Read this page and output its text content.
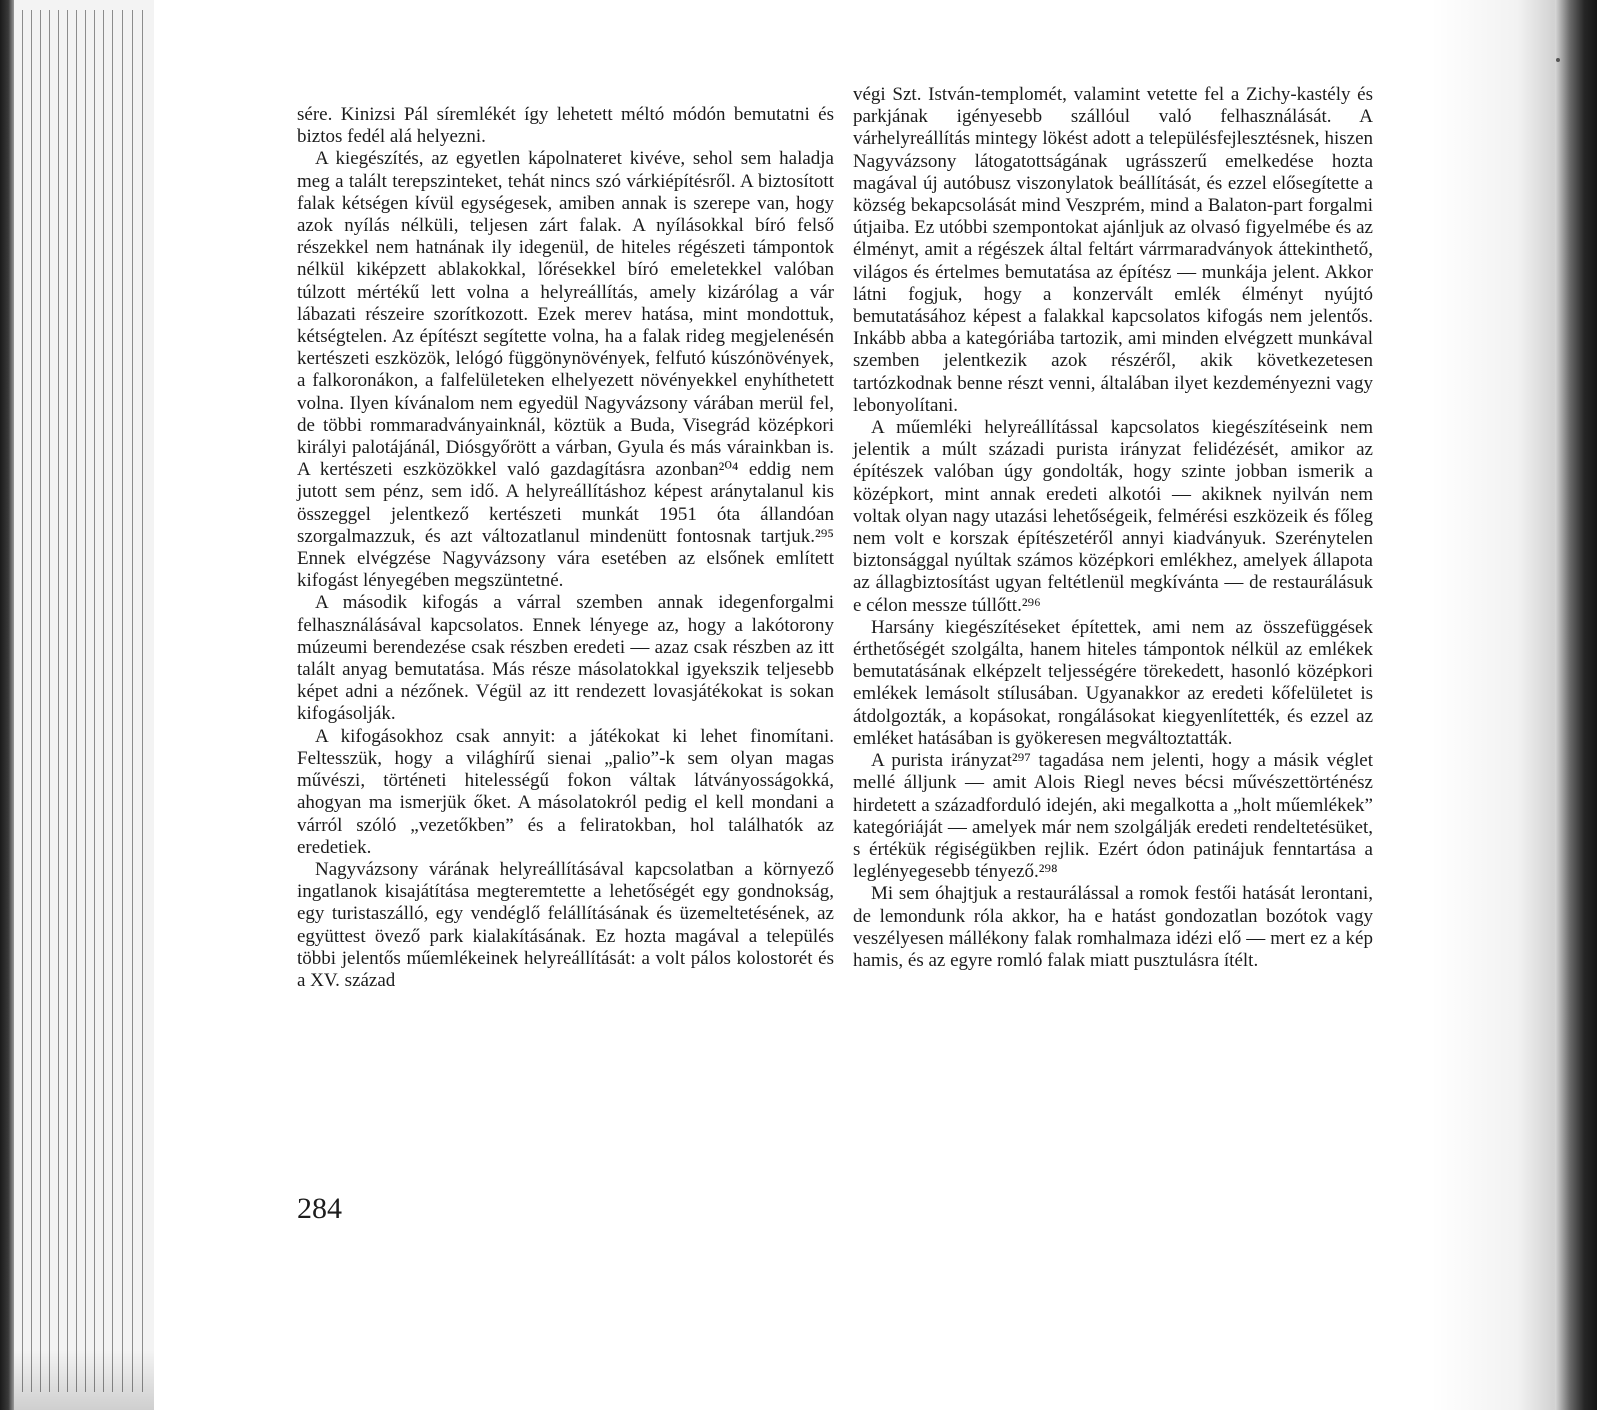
sére. Kinizsi Pál síremlékét így lehetett méltó módón bemutatni és biztos fedél alá helyezni.

A kiegészítés, az egyetlen kápolnateret kivéve, sehol sem haladja meg a talált terepszinteket, tehát nincs szó várkiépítésről. A biztosított falak kétségen kívül egységesek, amiben annak is szerepe van, hogy azok nyílás nélküli, teljesen zárt falak. A nyílásokkal bíró felső részekkel nem hatnának ily idegenül, de hiteles régészeti támpontok nélkül kiképzett ablakokkal, lőrésekkel bíró emeletekkel valóban túlzott mértékű lett volna a helyreállítás, amely kizárólag a vár lábazati részeire szorítkozott. Ezek merev hatása, mint mondottuk, kétségtelen. Az építészt segítette volna, ha a falak rideg megjelenésén kertészeti eszközök, lelógó függönynövények, felfutó kúszónövények, a falkoronákon, a falfelületeken elhelyezett növényekkel enyhíthetett volna. Ilyen kívánalom nem egyedül Nagyvázsony várában merül fel, de többi rommaradványainknál, köztük a Buda, Visegrád középkori királyi palotájánál, Diósgyőrött a várban, Gyula és más várainkban is. A kertészeti eszközökkel való gazdagításra azonban²⁰⁴ eddig nem jutott sem pénz, sem idő. A helyreállításhoz képest aránytalanul kis összeggel jelentkező kertészeti munkát 1951 óta állandóan szorgalmazzuk, és azt változatlanul mindenütt fontosnak tartjuk.²⁹⁵ Ennek elvégzése Nagyvázsony vára esetében az elsőnek említett kifogást lényegében megszüntetné.

A második kifogás a várral szemben annak idegenforgalmi felhasználásával kapcsolatos. Ennek lényege az, hogy a lakótorony múzeumi berendezése csak részben eredeti — azaz csak részben az itt talált anyag bemutatása. Más része másolatokkal igyekszik teljesebb képet adni a nézőnek. Végül az itt rendezett lovasjátékokat is sokan kifogásolják.

A kifogásokhoz csak annyit: a játékokat ki lehet finomítani. Feltesszük, hogy a világhírű sienai „palio”-k sem olyan magas művészi, történeti hitelességű fokon váltak látványosságokká, ahogyan ma ismerjük őket. A másolatokról pedig el kell mondani a várról szóló „vezetőkben” és a feliratokban, hol találhatók az eredetiek.

Nagyvázsony várának helyreállításával kapcsolatban a környező ingatlanok kisajátítása megteremtette a lehetőségét egy gondnokság, egy turistaszálló, egy vendéglő felállításának és üzemeltetésének, az együttest övező park kialakításának. Ez hozta magával a település többi jelentős műemlékeinek helyreállítását: a volt pálos kolostorét és a XV. század

végi Szt. István-templomét, valamint vetette fel a Zichy-kastély és parkjának igényesebb szállóul való felhasználását. A várhelyreállítás mintegy lökést adott a településfejlesztésnek, hiszen Nagyvázsony látogatottságának ugrásszerű emelkedése hozta magával új autóbusz viszonylatok beállítását, és ezzel elősegítette a község bekapcsolását mind Veszprém, mind a Balaton-part forgalmi útjaiba. Ez utóbbi szempontokat ajánljuk az olvasó figyelmébe és az élményt, amit a régészek által feltárt várrmaradványok áttekinthető, világos és értelmes bemutatása az építész — munkája jelent. Akkor látni fogjuk, hogy a konzervált emlék élményt nyújtó bemutatásához képest a falakkal kapcsolatos kifogás nem jelentős. Inkább abba a kategóriába tartozik, ami minden elvégzett munkával szemben jelentkezik azok részéről, akik következetesen tartózkodnak benne részt venni, általában ilyet kezdeményezni vagy lebonyolítani.

A műemléki helyreállítással kapcsolatos kiegészítéseink nem jelentik a múlt századi purista irányzat felidézését, amikor az építészek valóban úgy gondolták, hogy szinte jobban ismerik a középkort, mint annak eredeti alkotói — akiknek nyilván nem voltak olyan nagy utazási lehetőségeik, felmérési eszközeik és főleg nem volt e korszak építészetéről annyi kiadványuk. Szerénytelen biztonsággal nyúltak számos középkori emlékhez, amelyek állapota az állagbiztosítást ugyan feltétlenül megkívánta — de restaurálásuk e célon messze túllőtt.²⁹⁶

Harsány kiegészítéseket építettek, ami nem az összefüggések érthetőségét szolgálta, hanem hiteles támpontok nélkül az emlékek bemutatásának elképzelt teljességére törekedett, hasonló középkori emlékek lemásolt stílusában. Ugyanakkor az eredeti kőfelületet is átdolgozták, a kopásokat, rongálásokat kiegyenlítették, és ezzel az emléket hatásában is gyökeresen megváltoztatták.

A purista irányzat²⁹⁷ tagadása nem jelenti, hogy a másik véglet mellé álljunk — amit Alois Riegl neves bécsi művészettörténész hirdetett a századforduló idején, aki megalkotta a „holt műemlékek” kategóriáját — amelyek már nem szolgálják eredeti rendeltetésüket, s értékük régiségükben rejlik. Ezért ódon patinájuk fenntartása a leglényegesebb tényező.²⁹⁸

Mi sem óhajtjuk a restaurálással a romok festői hatását lerontani, de lemondunk róla akkor, ha e hatást gondozatlan bozótok vagy veszélyesen mállékony falak romhalmaza idézi elő — mert ez a kép hamis, és az egyre romló falak miatt pusztulásra ítélt.

284
